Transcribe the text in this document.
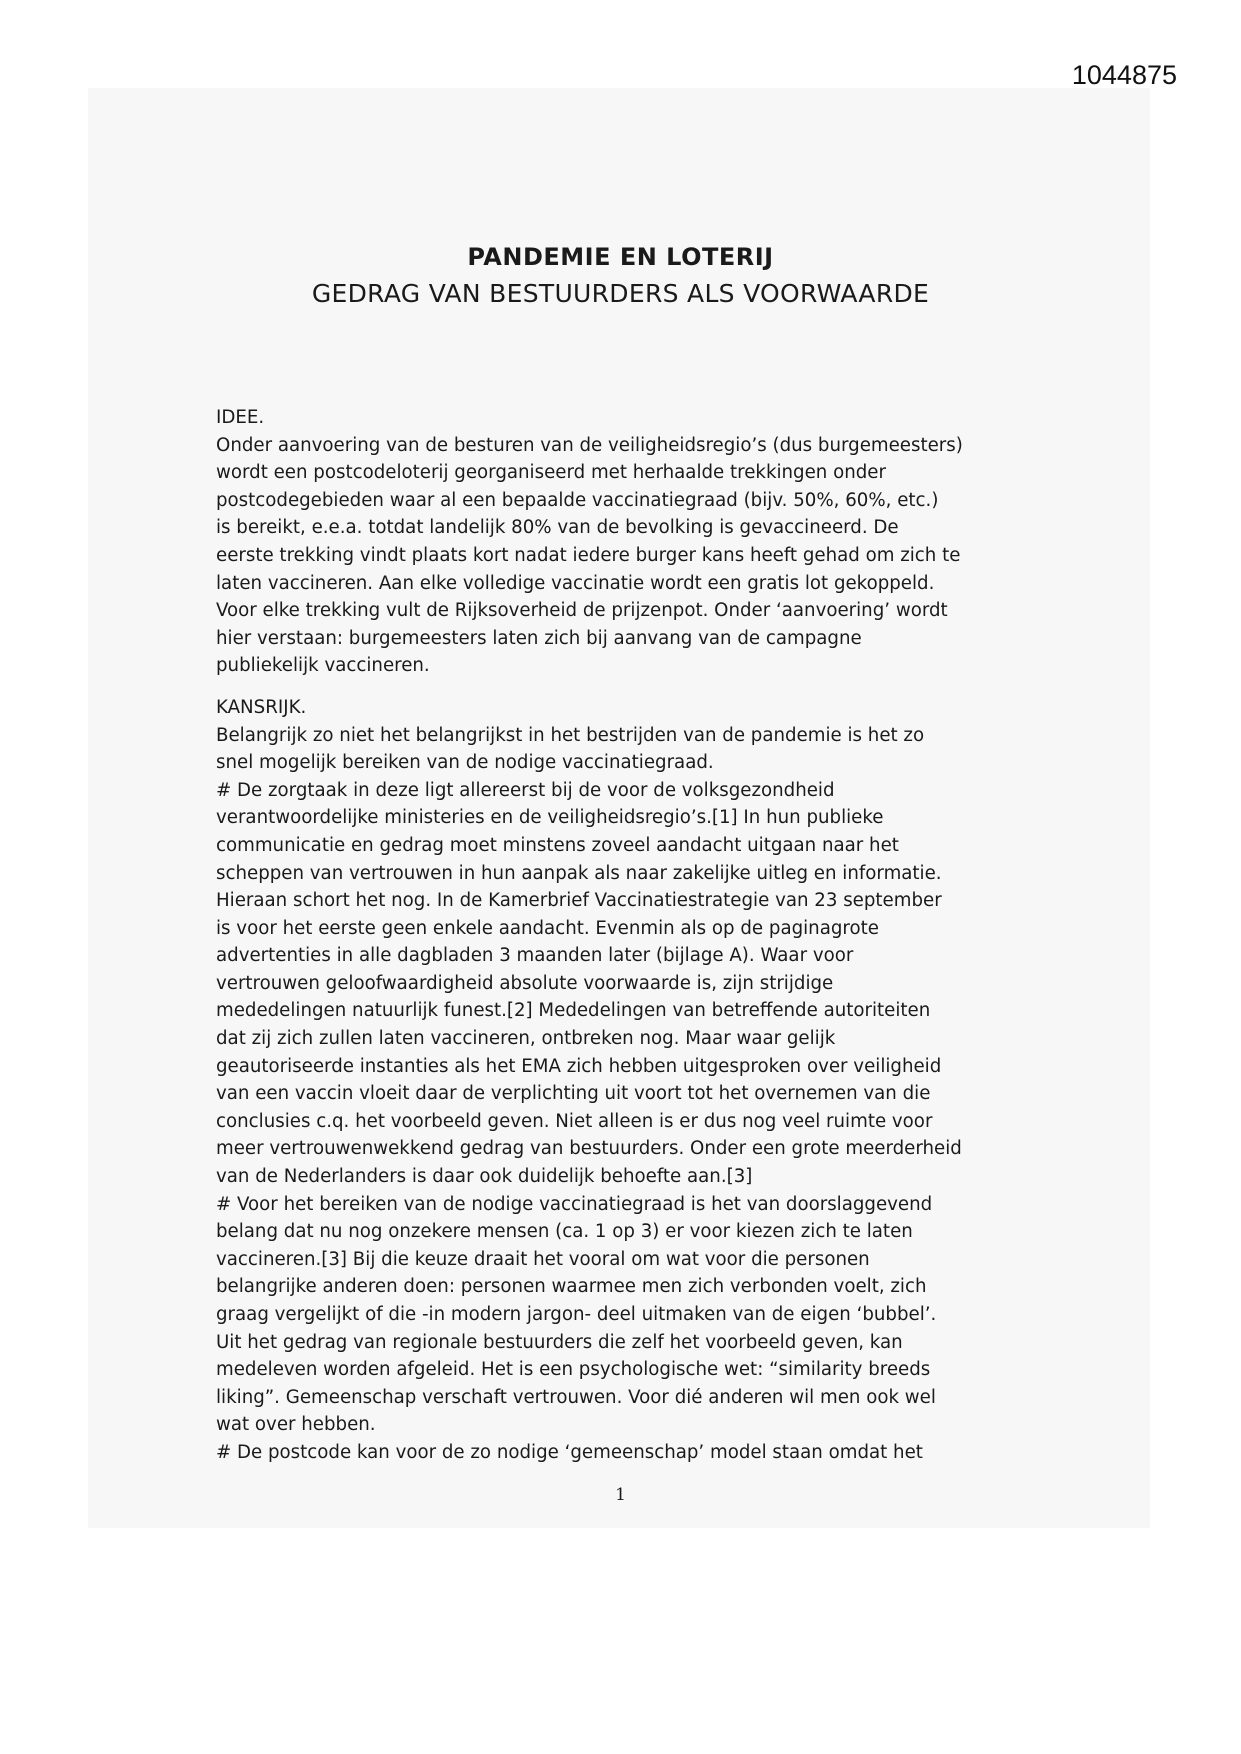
1044875
PANDEMIE EN LOTERIJ
GEDRAG VAN BESTUURDERS ALS VOORWAARDE
IDEE.
Onder aanvoering van de besturen van de veiligheidsregio’s (dus burgemeesters)
wordt een postcodeloterij georganiseerd met herhaalde trekkingen onder
postcodegebieden waar al een bepaalde vaccinatiegraad (bijv. 50%, 60%, etc.)
is bereikt, e.e.a. totdat landelijk 80% van de bevolking is gevaccineerd. De
eerste trekking vindt plaats kort nadat iedere burger kans heeft gehad om zich te
laten vaccineren. Aan elke volledige vaccinatie wordt een gratis lot gekoppeld.
Voor elke trekking vult de Rijksoverheid de prijzenpot. Onder ‘aanvoering’ wordt
hier verstaan: burgemeesters laten zich bij aanvang van de campagne
publiekelijk vaccineren.
KANSRIJK.
Belangrijk zo niet het belangrijkst in het bestrijden van de pandemie is het zo
snel mogelijk bereiken van de nodige vaccinatiegraad.
# De zorgtaak in deze ligt allereerst bij de voor de volksgezondheid
verantwoordelijke ministeries en de veiligheidsregio’s.[1] In hun publieke
communicatie en gedrag moet minstens zoveel aandacht uitgaan naar het
scheppen van vertrouwen in hun aanpak als naar zakelijke uitleg en informatie.
Hieraan schort het nog. In de Kamerbrief Vaccinatiestrategie van 23 september
is voor het eerste geen enkele aandacht. Evenmin als op de paginagrote
advertenties in alle dagbladen 3 maanden later (bijlage A). Waar voor
vertrouwen geloofwaardigheid absolute voorwaarde is, zijn strijdige
mededelingen natuurlijk funest.[2] Mededelingen van betreffende autoriteiten
dat zij zich zullen laten vaccineren, ontbreken nog. Maar waar gelijk
geautoriseerde instanties als het EMA zich hebben uitgesproken over veiligheid
van een vaccin vloeit daar de verplichting uit voort tot het overnemen van die
conclusies c.q. het voorbeeld geven. Niet alleen is er dus nog veel ruimte voor
meer vertrouwenwekkend gedrag van bestuurders. Onder een grote meerderheid
van de Nederlanders is daar ook duidelijk behoefte aan.[3]
# Voor het bereiken van de nodige vaccinatiegraad is het van doorslaggevend
belang dat nu nog onzekere mensen (ca. 1 op 3) er voor kiezen zich te laten
vaccineren.[3] Bij die keuze draait het vooral om wat voor die personen
belangrijke anderen doen: personen waarmee men zich verbonden voelt, zich
graag vergelijkt of die -in modern jargon- deel uitmaken van de eigen ‘bubbel’.
Uit het gedrag van regionale bestuurders die zelf het voorbeeld geven, kan
medeleven worden afgeleid. Het is een psychologische wet: “similarity breeds
liking”. Gemeenschap verschaft vertrouwen. Voor dié anderen wil men ook wel
wat over hebben.
# De postcode kan voor de zo nodige ‘gemeenschap’ model staan omdat het
1
